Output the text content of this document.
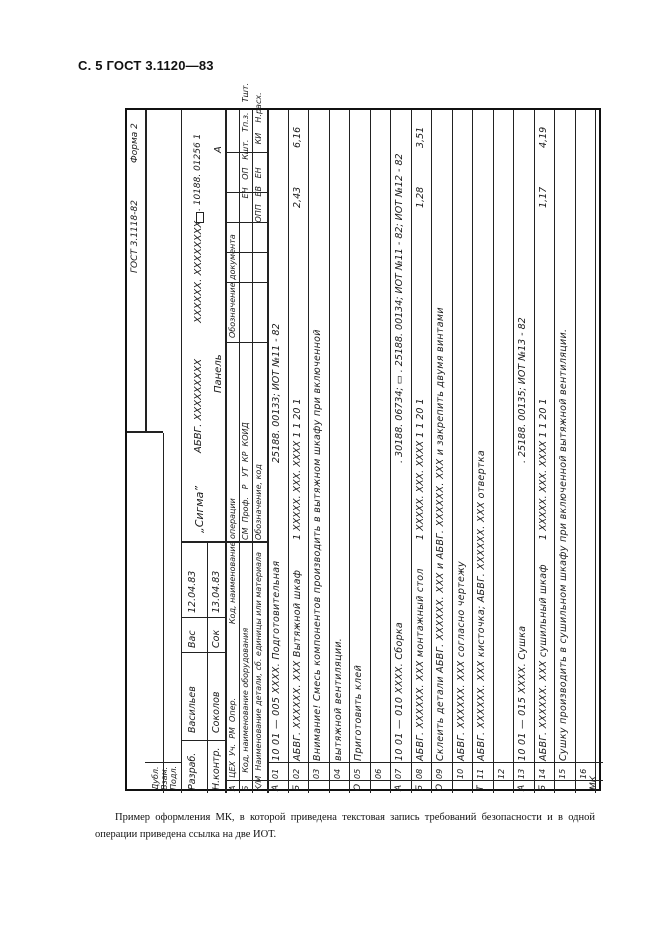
С. 5 ГОСТ 3.1120—83
ГОСТ 3.1118-82
Форма 2
Дубл. Взам. Подл. Разраб.
Васильев
Вас
12.04.83
„Сигма”
АБВГ. XXXXXXXXX
XXXXXX. XXXXXXXX
. 10188. 01256 1
Н.контр.
Соколов
Сок
13.04.83
Панель
А
А   ЦЕХ  Уч.  РМ  Опер.                             Код, наименование операции
Обозначение документа
Б     Код, наименование оборудования
СМ  Проф.   Р   УТ  КР  КОИД                                                                                        ЕН   ОП   Кшт.   Тп.з.    Тшт.
К/М  Наименование детали, сб. единицы или материала
Обозначение, код                                                                                               ОПП   ЕВ   ЕН         КИ    Н.расх.
А
01
10 01 — 005 XXXX. Подготовительная
25188. 00133; ИОТ №11 - 82
Б
02
АБВГ. XXXXXX. XXX Вытяжной шкаф
1 XXXXX. XXX. XXXX 1 1 20 1
2,43
6,16
03
Внимание! Смесь компонентов производить в вытяжном шкафу при включенной
04
вытяжной вентиляции.
О
05
Приготовить клей
06
А
07
10 01 — 010 XXXX. Сборка
. 30188. 06734; ▭ . 25188. 00134; ИОТ №11 - 82; ИОТ №12 - 82
Б
08
АБВГ. XXXXXX. XXX монтажный стол
1 XXXXX. XXX. XXXX 1 1 20 1
1,28
3,51
О
09
Склеить детали АБВГ. XXXXXX. XXX и АБВГ. XXXXXX. XXX и закрепить двумя винтами
10
АБВГ. XXXXXX. XXX согласно чертежу
Т
11
АБВГ. XXXXXX. XXX кисточка; АБВГ. XXXXXX. XXX отвертка
12
А
13
10 01 — 015 XXXX. Сушка
. 25188. 00135; ИОТ №13 - 82
Б
14
АБВГ. XXXXXX. XXX сушильный шкаф
1 XXXXX. XXX. XXXX 1 1 20 1
1,17
4,19
15
Сушку производить в сушильном шкафу при включенной вытяжной вентиляции.
16
МК
Пример оформления МК, в которой приведена текстовая запись требований безопасности и в одной операции приведена ссылка на две ИОТ.
